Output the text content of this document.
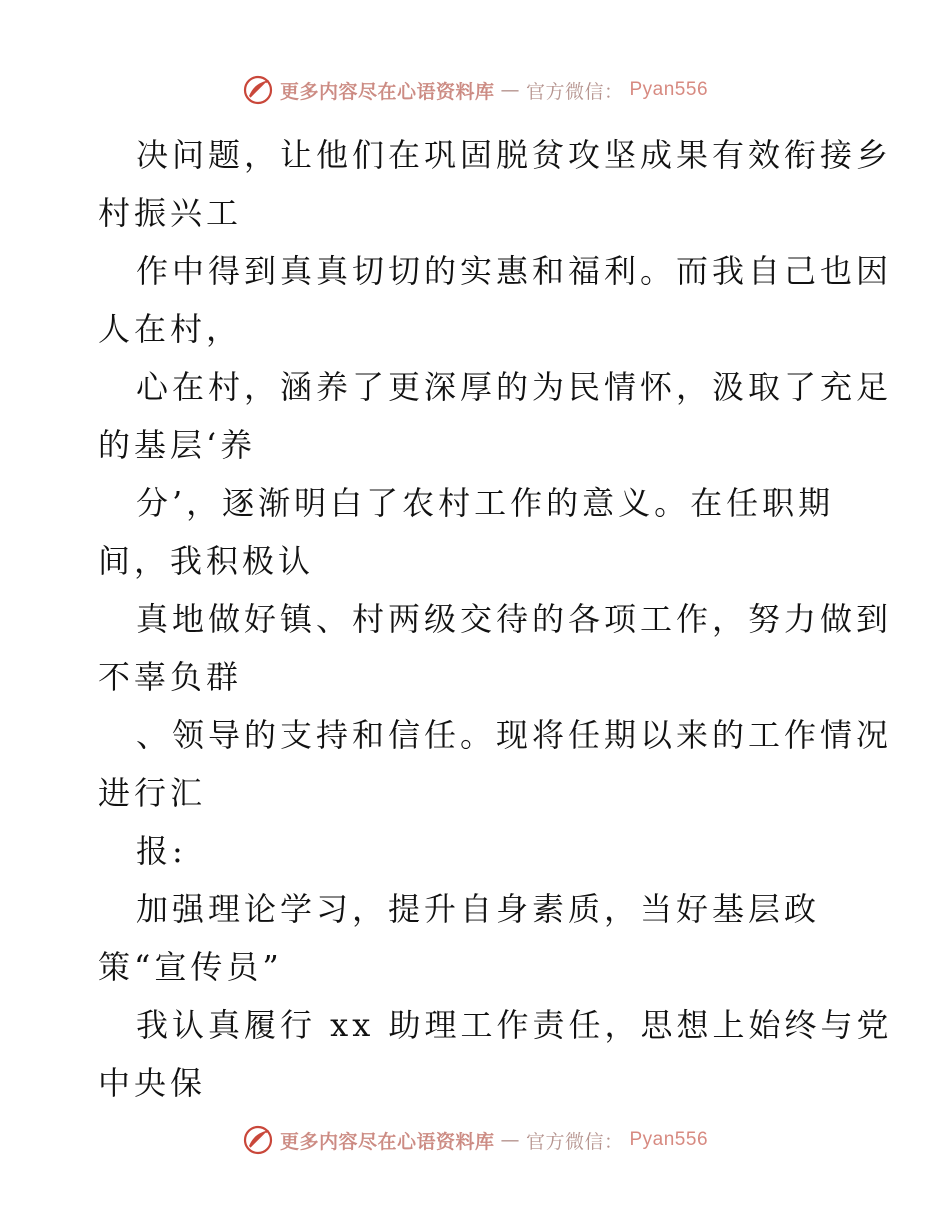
更多内容尽在心语资料库 — 官方微信： Pyan556
决问题，让他们在巩固脱贫攻坚成果有效衔接乡
村振兴工
作中得到真真切切的实惠和福利。而我自己也因
人在村，
心在村，涵养了更深厚的为民情怀，汲取了充足
的基层‘养
分’，逐渐明白了农村工作的意义。在任职期
间，我积极认
真地做好镇、村两级交待的各项工作，努力做到
不辜负群
、领导的支持和信任。现将任期以来的工作情况
进行汇
报:
加强理论学习，提升自身素质，当好基层政
策“宣传员”
我认真履行 xx 助理工作责任，思想上始终与党
中央保
更多内容尽在心语资料库 — 官方微信： Pyan556
